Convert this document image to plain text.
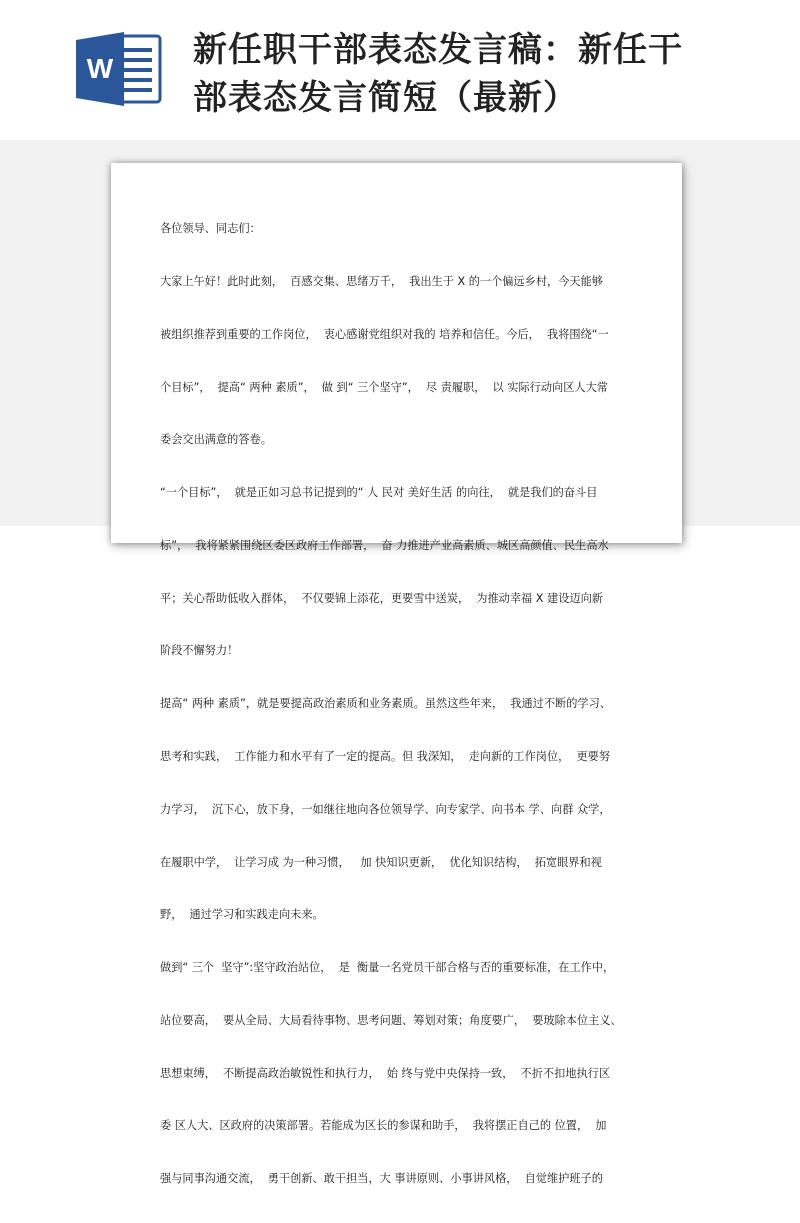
W 新任职干部表态发言稿：新任干
部表态发言简短（最新）

各位领导、同志们：

大家上午好！此时此刻，  百感交集、思绪万千，  我出生于 X 的一个偏远乡村，今天能够

被组织推荐到重要的工作岗位，  衷心感谢党组织对我的 培养和信任。今后，  我将围绕“一

个目标”，  提高“ 两种 素质”，  做 到“ 三个坚守”，  尽 责履职，  以 实际行动向区人大常

委会交出满意的答卷。

“一个目标”，  就是正如习总书记提到的“ 人 民对 美好生活 的向往，  就是我们的奋斗目

标”，  我将紧紧围绕区委区政府工作部署，  奋 力推进产业高素质、城区高颜值、民生高水

平；关心帮助低收入群体，  不仅要锦上添花，更要雪中送炭，  为推动幸福 X 建设迈向新

阶段不懈努力！

提高“ 两种 素质”，就是要提高政治素质和业务素质。虽然这些年来，  我通过不断的学习、

思考和实践，  工作能力和水平有了一定的提高。但 我深知，  走向新的工作岗位，  更要努

力学习，  沉下心，放下身，一如继往地向各位领导学、向专家学、向书本 学、向群 众学，

在履职中学，  让学习成 为一种习惯，   加 快知识更新，  优化知识结构，  拓宽眼界和视

野，  通过学习和实践走向未来。

做到“ 三个  坚守”:坚守政治站位，  是  衡量一名党员干部合格与否的重要标准，在工作中，

站位要高，  要从全局、大局看待事物、思考问题、筹划对策；角度要广，  要玻除本位主义、

思想束缚，  不断提高政治敏锐性和执行力，  始 终与党中央保持一致，  不折不扣地执行区

委 区人大、区政府的决策部署。若能成为区长的参谋和助手，  我将摆正自己的 位置，  加

强与同事沟通交流，  勇干创新、敢干担当，大 事讲原则、小事讲风格，  自觉维护班子的
